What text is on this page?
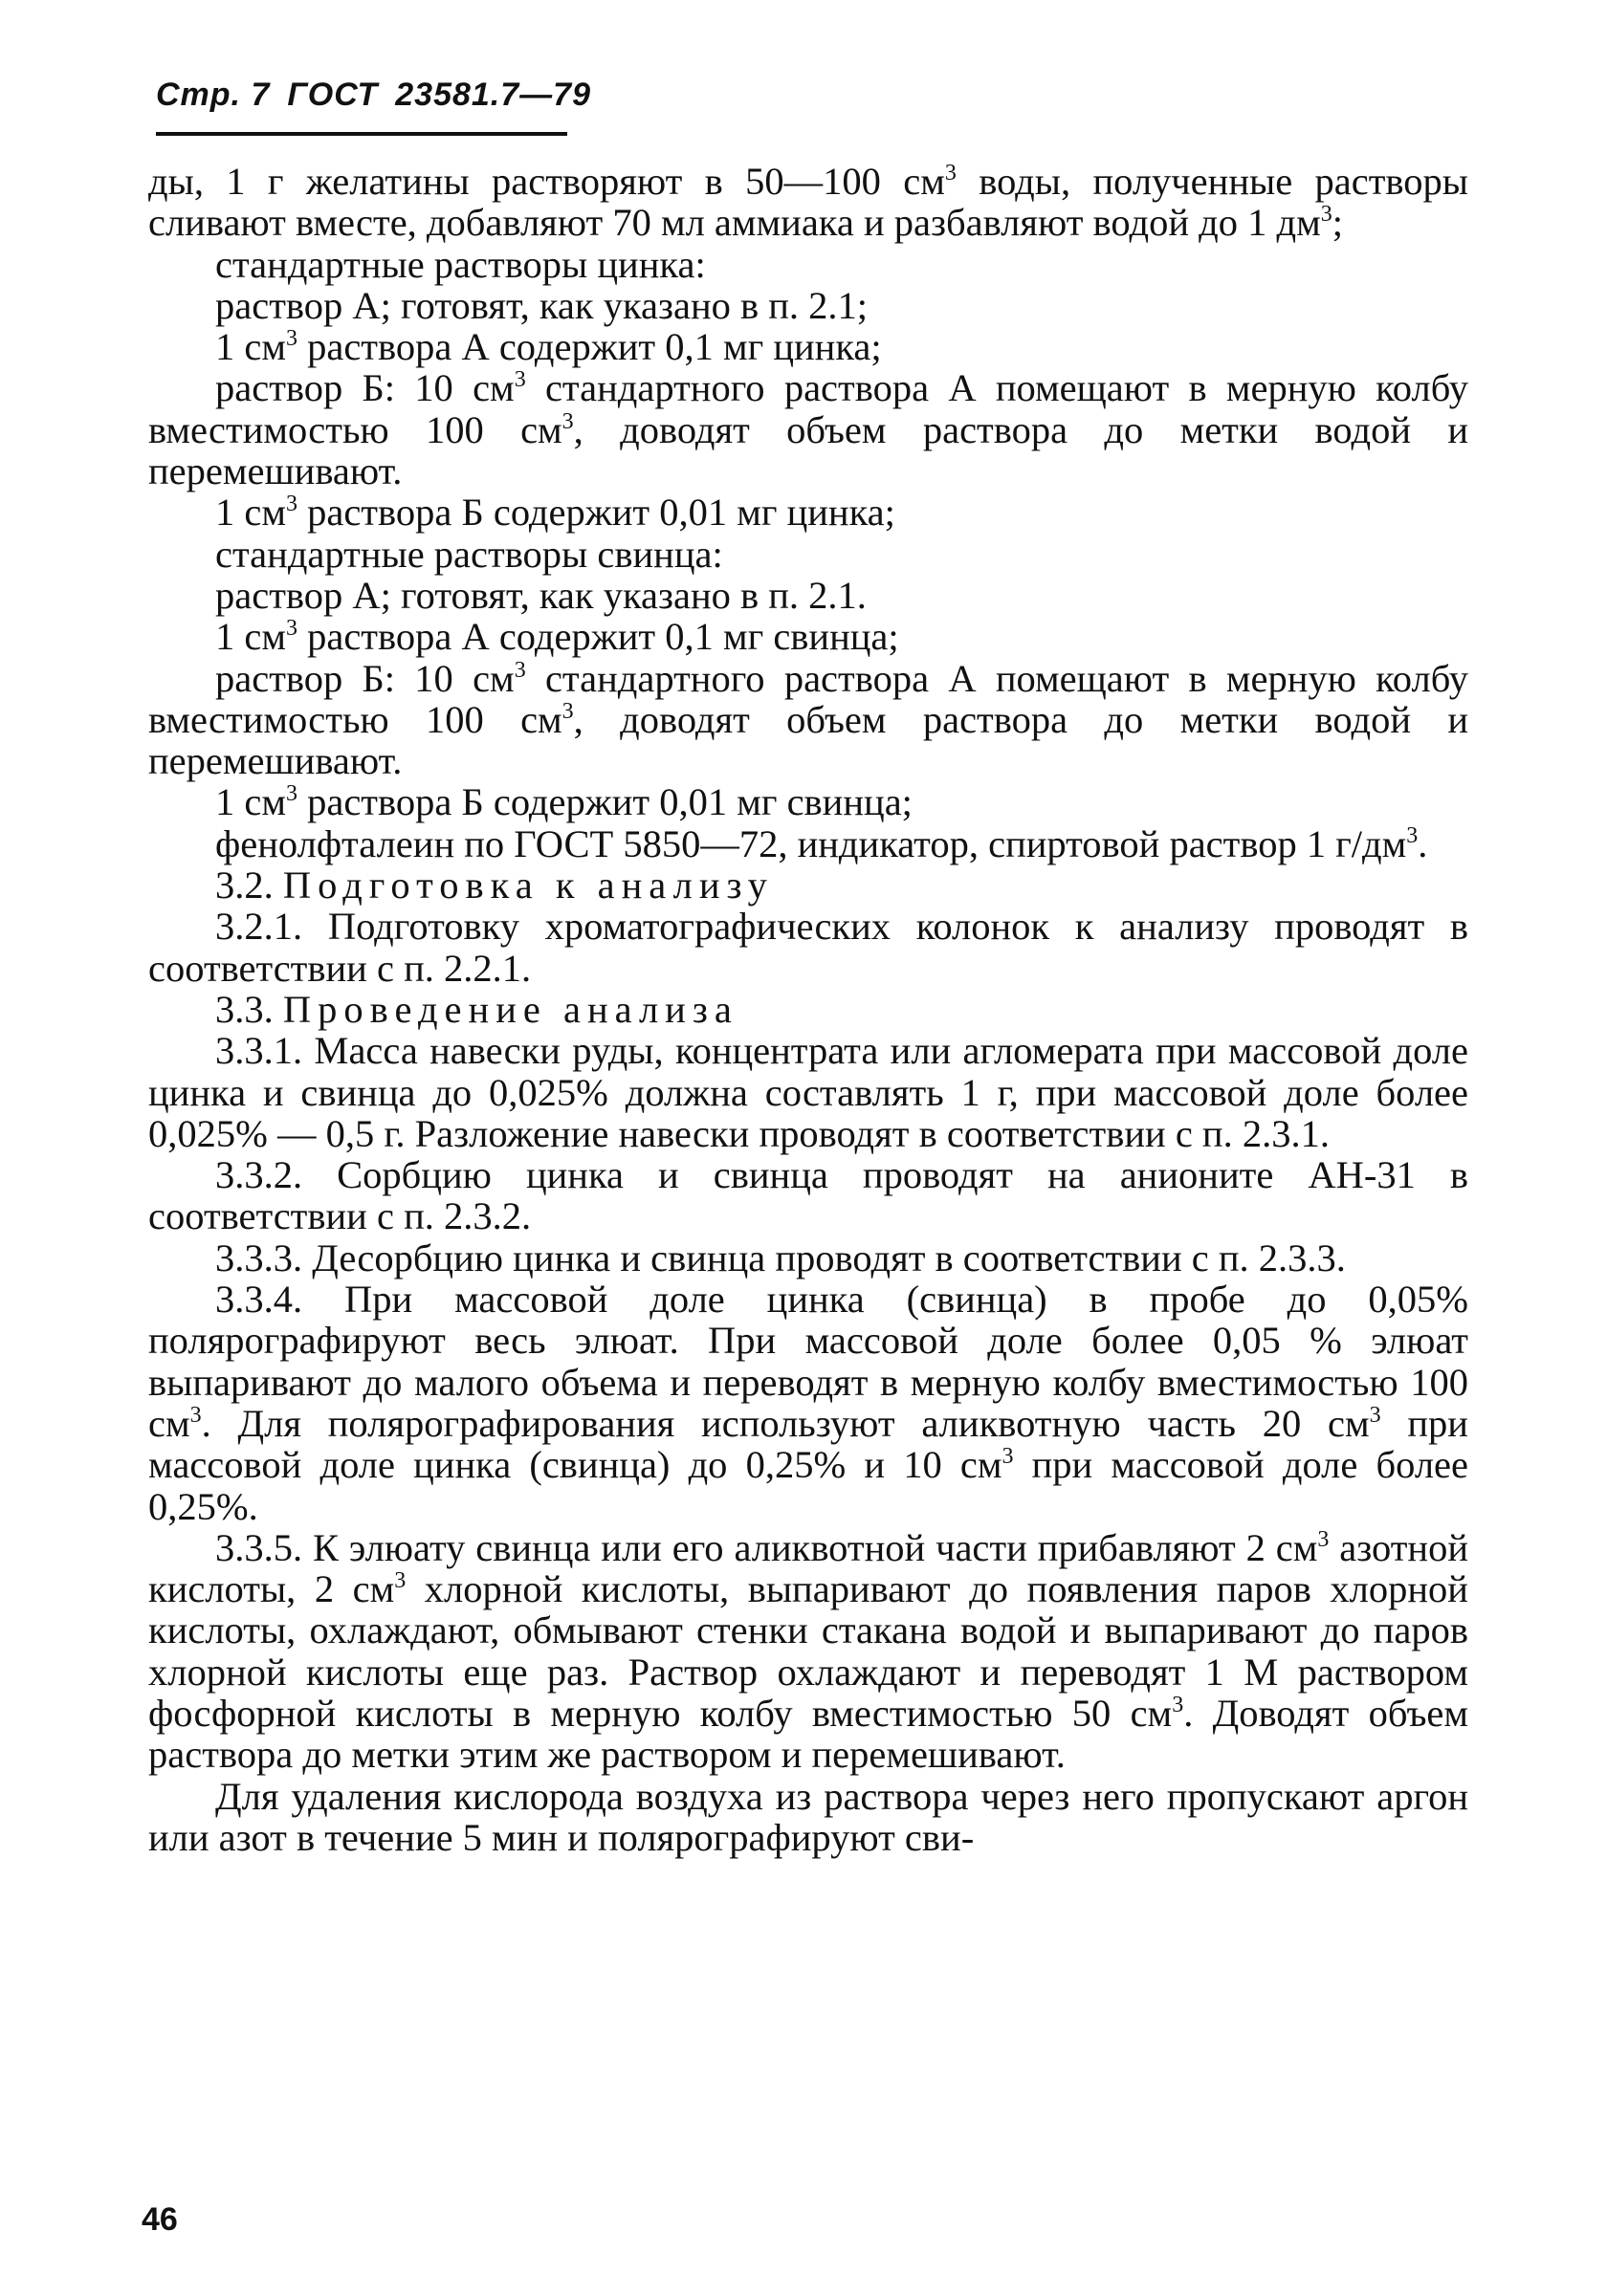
Стр. 7 ГОСТ 23581.7—79

ды, 1 г желатины растворяют в 50—100 $см^3$ воды, полученные растворы сливают вместе, добавляют 70 мл аммиака и разбавляют водой до 1 $дм^3$;

стандартные растворы цинка:

раствор А; готовят, как указано в п. 2.1;

1 $см^3$ раствора А содержит 0,1 мг цинка;

раствор Б: 10 $см^3$ стандартного раствора А помещают в мерную колбу вместимостью 100 $см^3$, доводят объем раствора до метки водой и перемешивают.

1 $см^3$ раствора Б содержит 0,01 мг цинка;

стандартные растворы свинца:

раствор А; готовят, как указано в п. 2.1.

1 $см^3$ раствора А содержит 0,1 мг свинца;

раствор Б: 10 $см^3$ стандартного раствора А помещают в мерную колбу вместимостью 100 $см^3$, доводят объем раствора до метки водой и перемешивают.

1 $см^3$ раствора Б содержит 0,01 мг свинца;

фенолфталеин по ГОСТ 5850—72, индикатор, спиртовой раствор 1 $г/дм^3$.

3.2. Подготовка к анализу

3.2.1. Подготовку хроматографических колонок к анализу проводят в соответствии с п. 2.2.1.

3.3. Проведение анализа

3.3.1. Масса навески руды, концентрата или агломерата при массовой доле цинка и свинца до 0,025% должна составлять 1 г, при массовой доле более 0,025% — 0,5 г. Разложение навески проводят в соответствии с п. 2.3.1.

3.3.2. Сорбцию цинка и свинца проводят на анионите АН-31 в соответствии с п. 2.3.2.

3.3.3. Десорбцию цинка и свинца проводят в соответствии с п. 2.3.3.

3.3.4. При массовой доле цинка (свинца) в пробе до 0,05% полярографируют весь элюат. При массовой доле более 0,05 % элюат выпаривают до малого объема и переводят в мерную колбу вместимостью 100 $см^3$. Для полярографирования используют аликвотную часть 20 $см^3$ при массовой доле цинка (свинца) до 0,25% и 10 $см^3$ при массовой доле более 0,25%.

3.3.5. К элюату свинца или его аликвотной части прибавляют 2 $см^3$ азотной кислоты, 2 $см^3$ хлорной кислоты, выпаривают до появления паров хлорной кислоты, охлаждают, обмывают стенки стакана водой и выпаривают до паров хлорной кислоты еще раз. Раствор охлаждают и переводят 1 М раствором фосфорной кислоты в мерную колбу вместимостью 50 $см^3$. Доводят объем раствора до метки этим же раствором и перемешивают.

Для удаления кислорода воздуха из раствора через него пропускают аргон или азот в течение 5 мин и полярографируют сви-

46
